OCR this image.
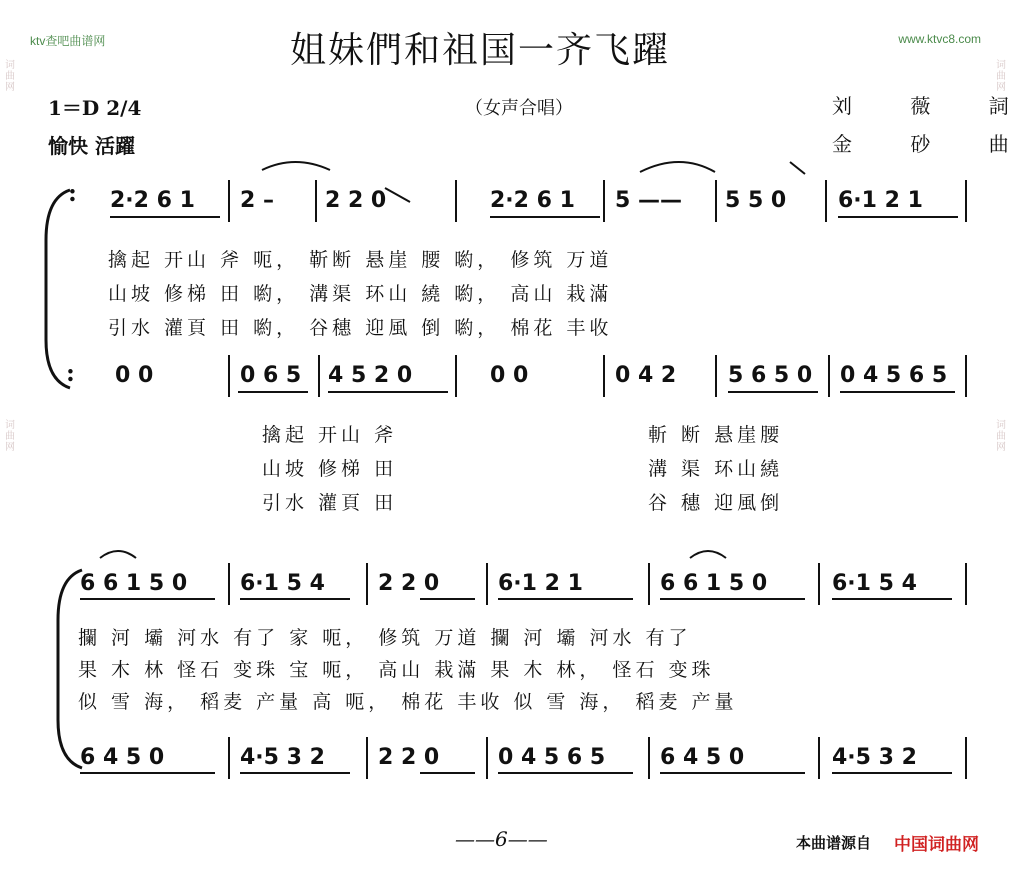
ktv查吧曲谱网	www.ktvc8.com
词曲网
词曲网
词曲网
词曲网
姐妹們和祖国一齐飞躍
（女声合唱）
1＝D 2/4
愉快 活躍
刘 薇 詞
金 砂 曲
:
:
2·2 6 1 2 – 2 2 0	2·2 6 1 5 —— 5 5 0 6·1 2 1
0 0	0 6 5 4 5 2 0	0 0	0 4 2 5 6 5 0 0 4 5 6 5
擒起 开山 斧 呃， 靳断 悬崖 腰 喲， 修筑 万道
山坡 修梯 田 喲， 溝渠 环山 繞 喲， 高山 栽滿
引水 灌頁 田 喲， 谷穗 迎風 倒 喲， 棉花 丰收
擒起 开山 斧
山坡 修梯 田
引水 灌頁 田
斬 断 悬崖腰
溝 渠 环山繞
谷 穗 迎風倒
6 6 1 5 0 6·1 5 4 2 2 0	6·1 2 1	6 6 1 5 0	6·1 5 4
6 4 5 0	4·5 3 2 2 2 0	0 4 5 6 5 6 4 5 0	4·5 3 2
攔 河 壩 河水 有了 家 呃， 修筑 万道 攔 河 壩 河水 有了
果 木 林 怪石 变珠 宝 呃， 高山 栽滿 果 木 林， 怪石 变珠
似 雪 海， 稻麦 产量 高 呃， 棉花 丰收 似 雪 海， 稻麦 产量
——6——	本曲谱源自 中国词曲网
